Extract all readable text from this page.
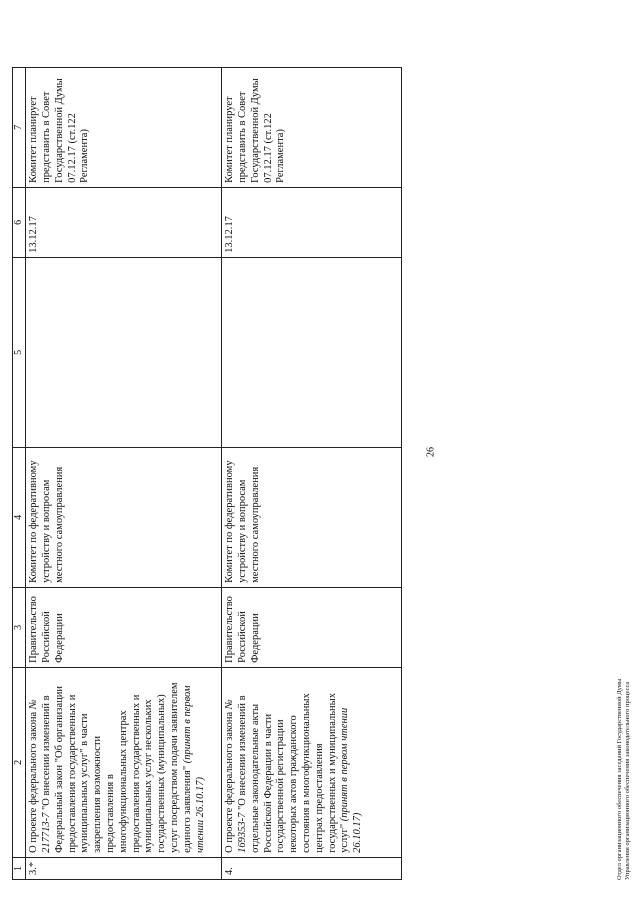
26
1	2	3	4	5	6	7
3.*	О проекте федерального закона № 217713-7 "О внесении изменений в Федеральный закон "Об организации предоставления государственных и муниципальных услуг" в части закрепления возможности предоставления в многофункциональных центрах предоставления государственных и муниципальных услуг нескольких государственных (муниципальных) услуг посредством подачи заявителем единого заявления" (принят в первом чтении 26.10.17)	Правительство Российской Федерации	Комитет по федеративному устройству и вопросам местного самоуправления		13.12.17	Комитет планирует представить в Совет Государственной Думы 07.12.17 (ст.122 Регламента)
4.	О проекте федерального закона № 169353-7 "О внесении изменений в отдельные законодательные акты Российской Федерации в части государственной регистрации некоторых актов гражданского состояния в многофункциональных центрах предоставления государственных и муниципальных услуг" (принят в первом чтении 26.10.17)	Правительство Российской Федерации	Комитет по федеративному устройству и вопросам местного самоуправления		13.12.17	Комитет планирует представить в Совет Государственной Думы 07.12.17 (ст.122 Регламента)
Отдел организационного обеспечения заседаний Государственной Думы Управления организационного обеспечения законодательного процесса
